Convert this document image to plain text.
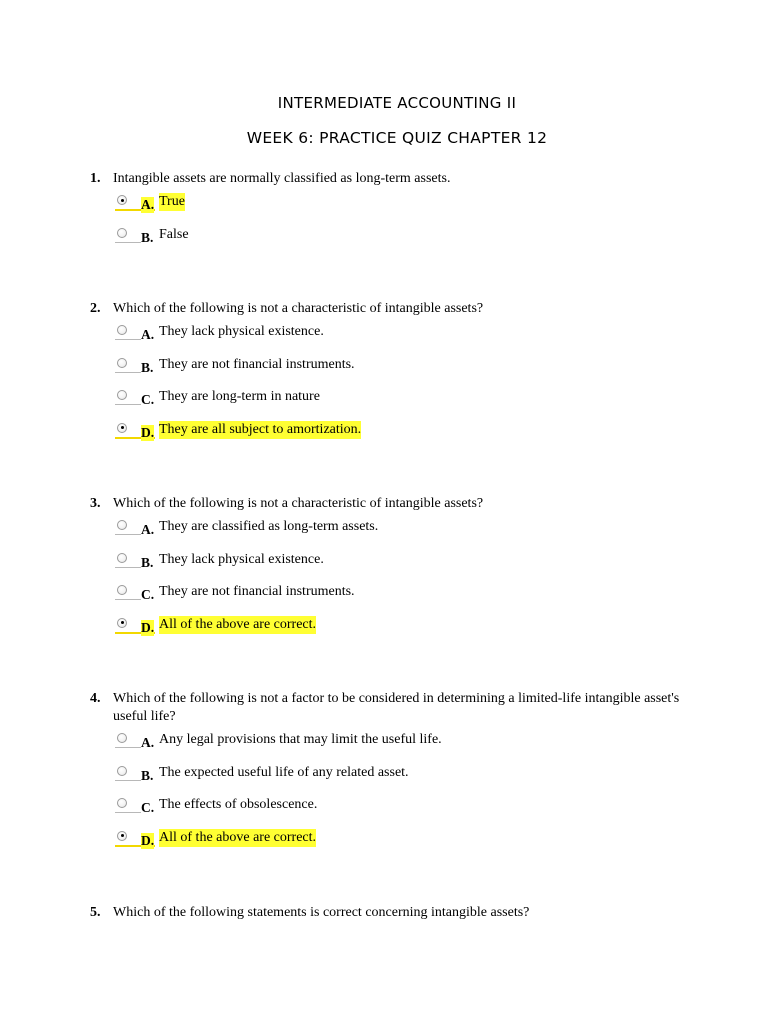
INTERMEDIATE ACCOUNTING II
WEEK 6: PRACTICE QUIZ CHAPTER 12
1. Intangible assets are normally classified as long-term assets.
A. True
B. False
2. Which of the following is not a characteristic of intangible assets?
A. They lack physical existence.
B. They are not financial instruments.
C. They are long-term in nature
D. They are all subject to amortization.
3. Which of the following is not a characteristic of intangible assets?
A. They are classified as long-term assets.
B. They lack physical existence.
C. They are not financial instruments.
D. All of the above are correct.
4. Which of the following is not a factor to be considered in determining a limited-life intangible asset's useful life?
A. Any legal provisions that may limit the useful life.
B. The expected useful life of any related asset.
C. The effects of obsolescence.
D. All of the above are correct.
5. Which of the following statements is correct concerning intangible assets?
